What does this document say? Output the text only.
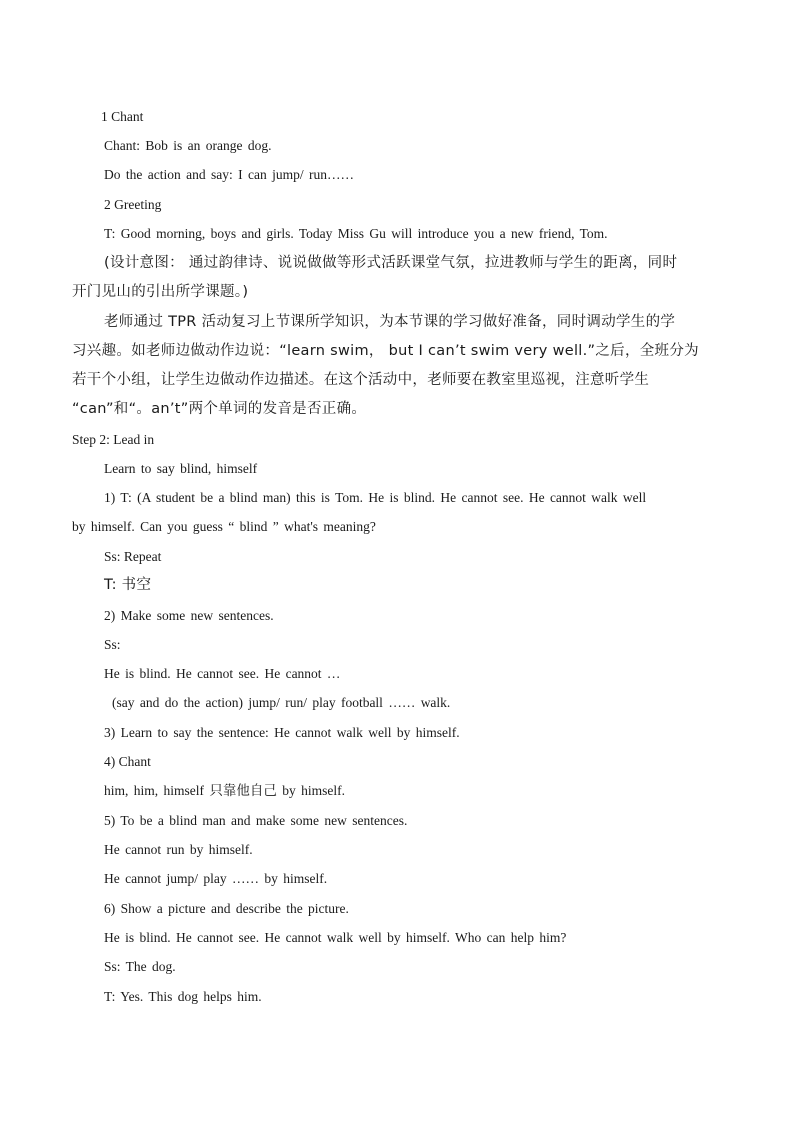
1 Chant
Chant: Bob is an orange dog.
Do the action and say: I can jump/ run……
2 Greeting
T: Good morning, boys and girls. Today Miss Gu will introduce you a new friend, Tom.
(设计意图： 通过韵律诗、说说做做等形式活跃课堂气氛，拉进教师与学生的距离，同时
开门见山的引出所学课题。)
老师通过 TPR 活动复习上节课所学知识，为本节课的学习做好准备，同时调动学生的学
习兴趣。如老师边做动作边说：“learn swim， but I can’t swim very well.”之后，全班分为
若干个小组，让学生边做动作边描述。在这个活动中，老师要在教室里巡视，注意听学生
“can”和“。an’t”两个单词的发音是否正确。
Step 2: Lead in
Learn to say blind, himself
1) T: (A student be a blind man) this is Tom. He is blind. He cannot see. He cannot walk well
by himself. Can you guess “ blind ” what's meaning?
Ss: Repeat
T: 书空
2) Make some new sentences.
Ss:
He is blind. He cannot see. He cannot …
(say and do the action) jump/ run/ play football …… walk.
3) Learn to say the sentence: He cannot walk well by himself.
4) Chant
him, him, himself 只靠他自己 by himself.
5) To be a blind man and make some new sentences.
He cannot run by himself.
He cannot jump/ play …… by himself.
6) Show a picture and describe the picture.
He is blind. He cannot see. He cannot walk well by himself. Who can help him?
Ss: The dog.
T: Yes. This dog helps him.
